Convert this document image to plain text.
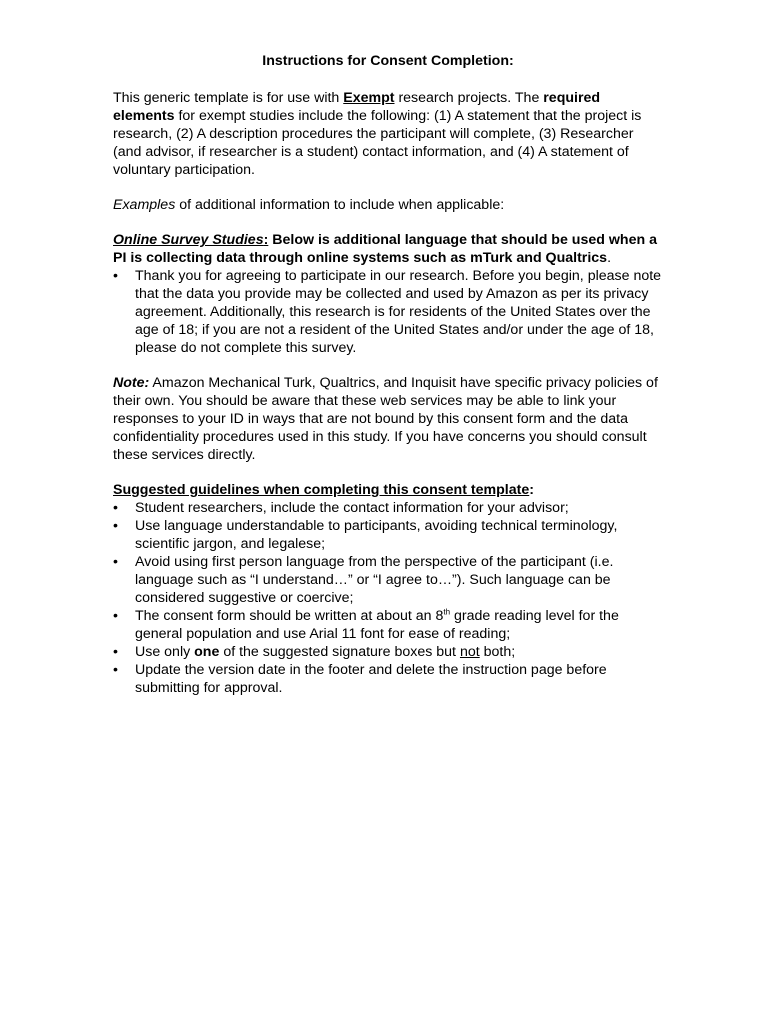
Instructions for Consent Completion:

This generic template is for use with Exempt research projects. The required elements for exempt studies include the following: (1) A statement that the project is research, (2) A description procedures the participant will complete, (3) Researcher (and advisor, if researcher is a student) contact information, and (4) A statement of voluntary participation.

Examples of additional information to include when applicable:

Online Survey Studies: Below is additional language that should be used when a PI is collecting data through online systems such as mTurk and Qualtrics.
• Thank you for agreeing to participate in our research. Before you begin, please note that the data you provide may be collected and used by Amazon as per its privacy agreement. Additionally, this research is for residents of the United States over the age of 18; if you are not a resident of the United States and/or under the age of 18, please do not complete this survey.

Note: Amazon Mechanical Turk, Qualtrics, and Inquisit have specific privacy policies of their own. You should be aware that these web services may be able to link your responses to your ID in ways that are not bound by this consent form and the data confidentiality procedures used in this study. If you have concerns you should consult these services directly.

Suggested guidelines when completing this consent template:
• Student researchers, include the contact information for your advisor;
• Use language understandable to participants, avoiding technical terminology, scientific jargon, and legalese;
• Avoid using first person language from the perspective of the participant (i.e. language such as “I understand…” or “I agree to…”). Such language can be considered suggestive or coercive;
• The consent form should be written at about an 8th grade reading level for the general population and use Arial 11 font for ease of reading;
• Use only one of the suggested signature boxes but not both;
• Update the version date in the footer and delete the instruction page before submitting for approval.
